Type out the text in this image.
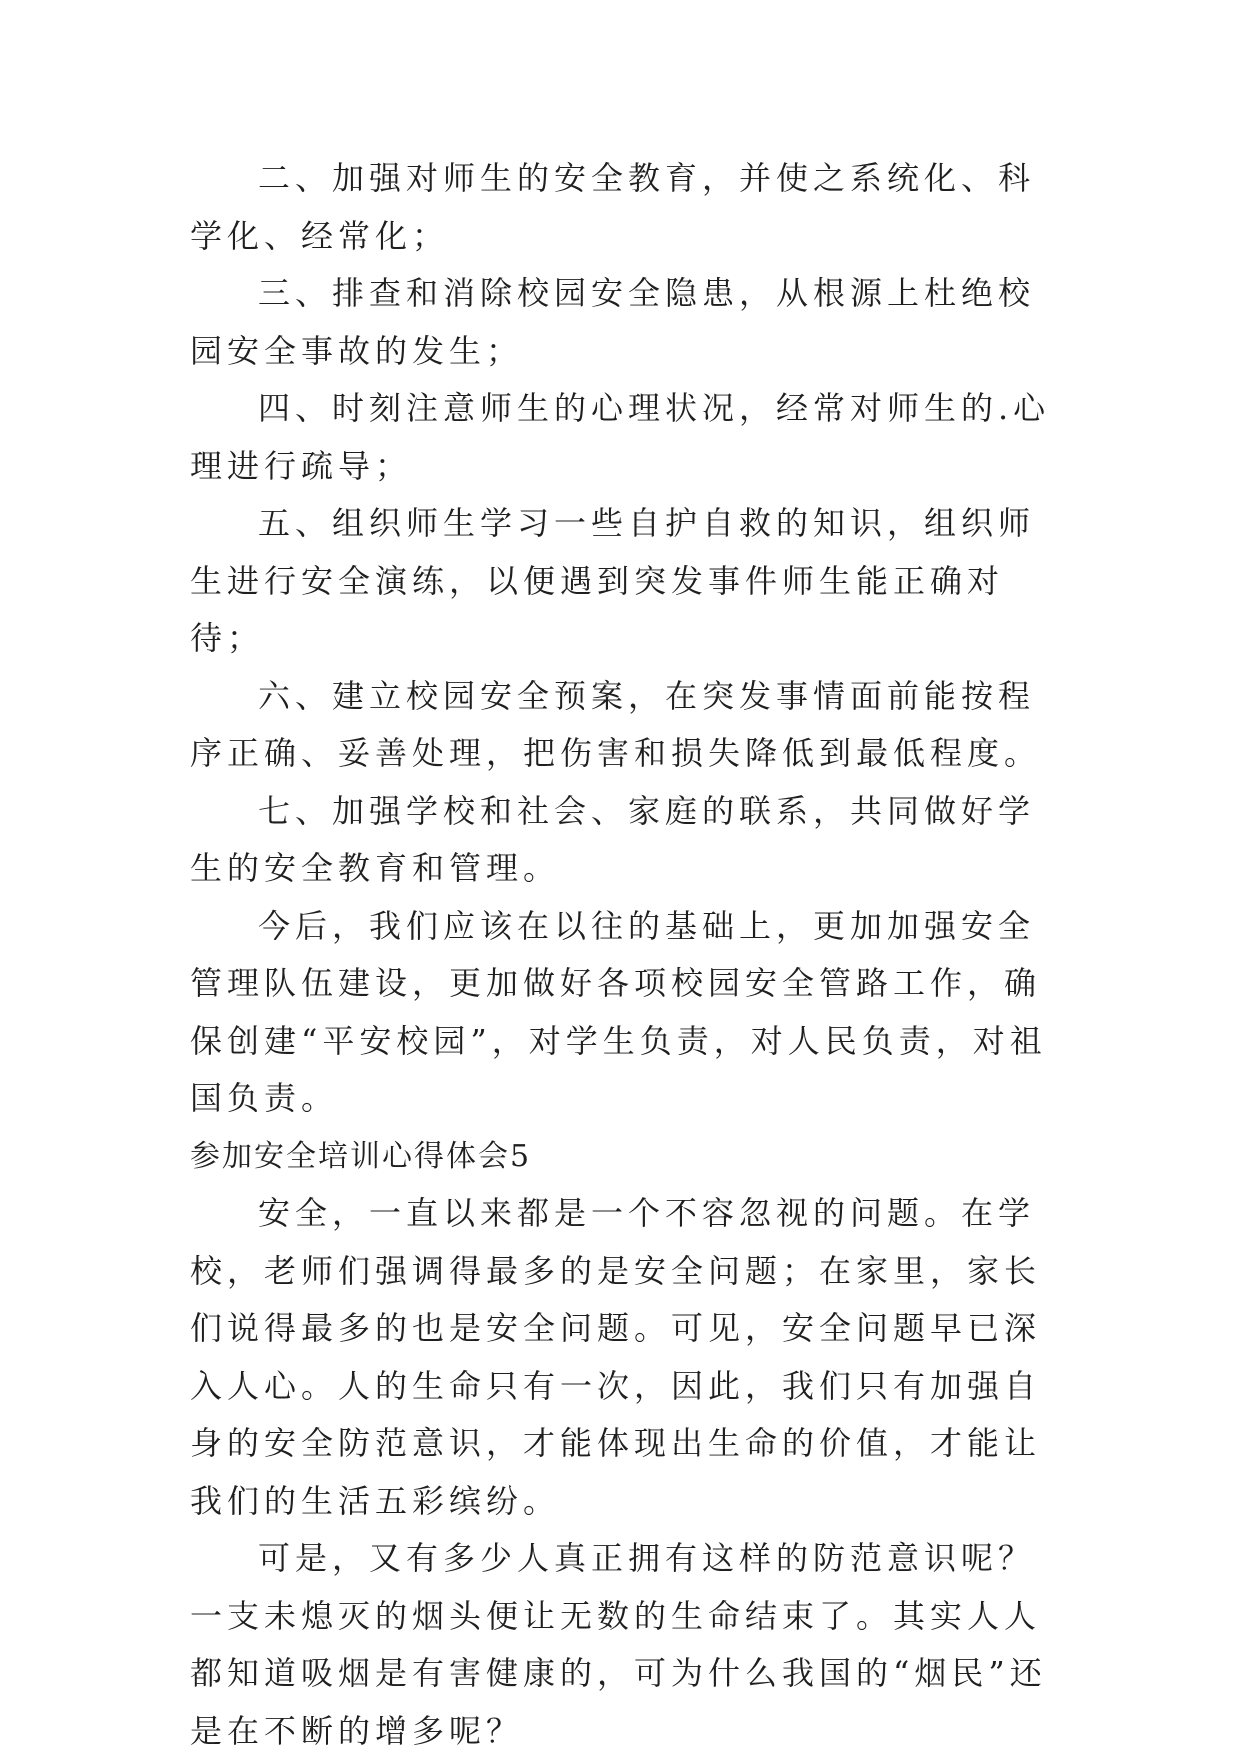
二、加强对师生的安全教育，并使之系统化、科学化、经常化；

三、排查和消除校园安全隐患，从根源上杜绝校园安全事故的发生；

四、时刻注意师生的心理状况，经常对师生的.心理进行疏导；

五、组织师生学习一些自护自救的知识，组织师生进行安全演练，以便遇到突发事件师生能正确对待；

六、建立校园安全预案，在突发事情面前能按程序正确、妥善处理，把伤害和损失降低到最低程度。

七、加强学校和社会、家庭的联系，共同做好学生的安全教育和管理。

今后，我们应该在以往的基础上，更加加强安全管理队伍建设，更加做好各项校园安全管路工作，确保创建“平安校园”，对学生负责，对人民负责，对祖国负责。

参加安全培训心得体会5

安全，一直以来都是一个不容忽视的问题。在学校，老师们强调得最多的是安全问题；在家里，家长们说得最多的也是安全问题。可见，安全问题早已深入人心。人的生命只有一次，因此，我们只有加强自身的安全防范意识，才能体现出生命的价值，才能让我们的生活五彩缤纷。

可是，又有多少人真正拥有这样的防范意识呢？一支未熄灭的烟头便让无数的生命结束了。其实人人都知道吸烟是有害健康的，可为什么我国的“烟民”还是在不断的增多呢？
